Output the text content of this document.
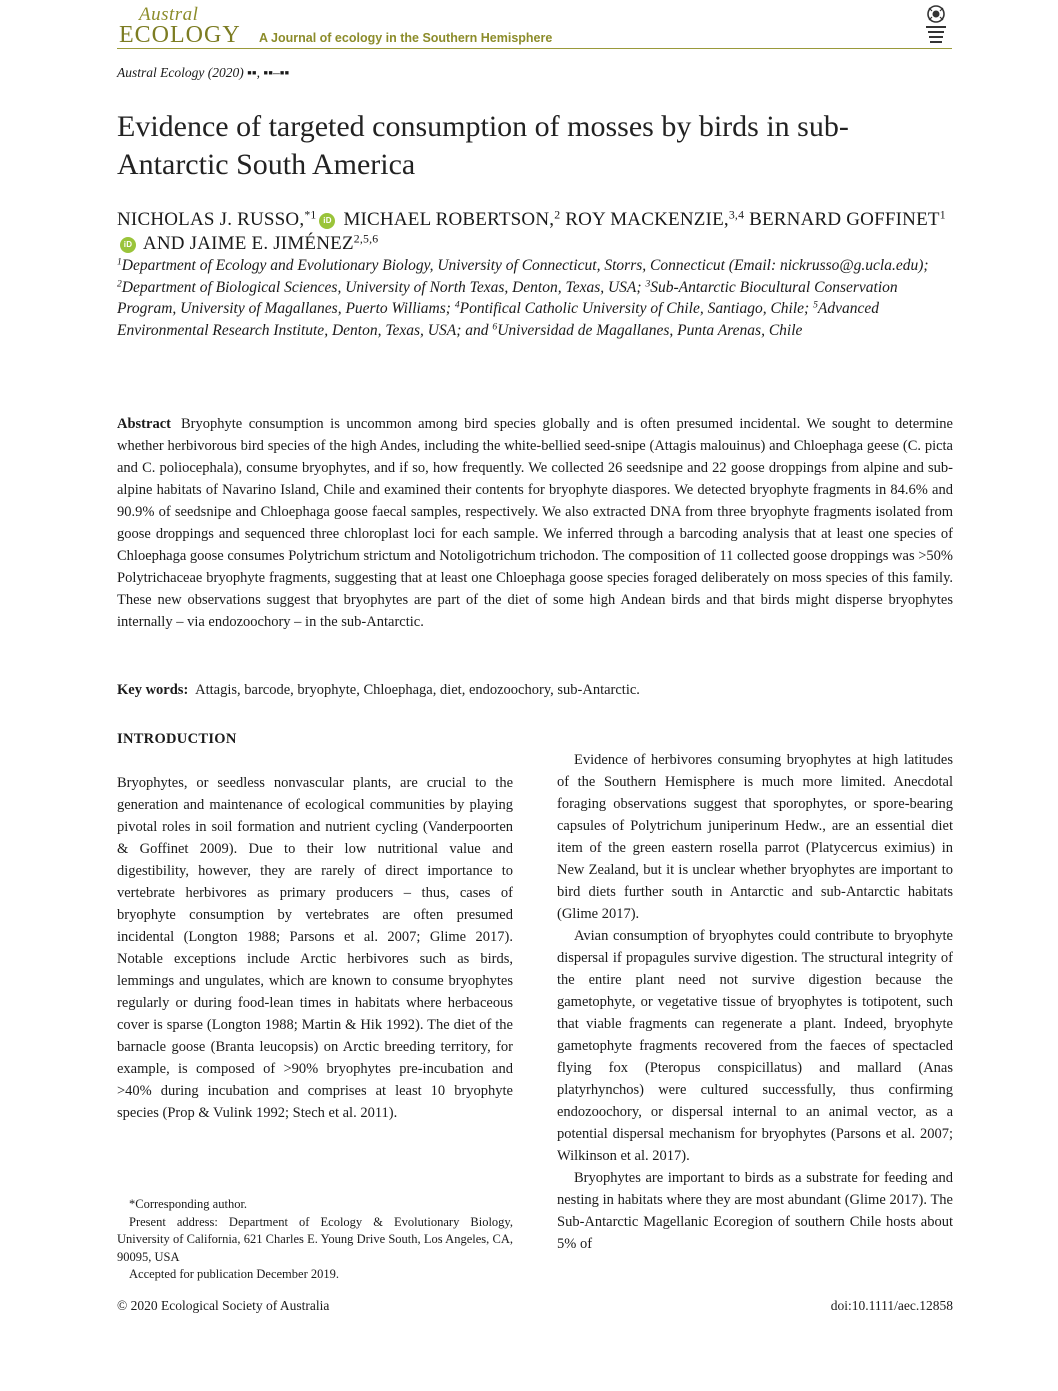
Austral
ECOLOGY A Journal of ecology in the Southern Hemisphere
Austral Ecology (2020) ▪▪, ▪▪–▪▪
Evidence of targeted consumption of mosses by birds in sub-Antarctic South America
NICHOLAS J. RUSSO,$^{*1}$ iD MICHAEL ROBERTSON,$^2$ ROY MACKENZIE,$^{3,4}$ BERNARD GOFFINET$^1$iD AND JAIME E. JIMÉNEZ$^{2,5,6}$
$^1$Department of Ecology and Evolutionary Biology, University of Connecticut, Storrs, Connecticut (Email: nickrusso@g.ucla.edu); $^2$Department of Biological Sciences, University of North Texas, Denton, Texas, USA; $^3$Sub-Antarctic Biocultural Conservation Program, University of Magallanes, Puerto Williams; $^4$Pontifical Catholic University of Chile, Santiago, Chile; $^5$Advanced Environmental Research Institute, Denton, Texas, USA; and $^6$Universidad de Magallanes, Punta Arenas, Chile
Abstract Bryophyte consumption is uncommon among bird species globally and is often presumed incidental. We sought to determine whether herbivorous bird species of the high Andes, including the white-bellied seed-snipe (Attagis malouinus) and Chloephaga geese (C. picta and C. poliocephala), consume bryophytes, and if so, how frequently. We collected 26 seedsnipe and 22 goose droppings from alpine and sub-alpine habitats of Navarino Island, Chile and examined their contents for bryophyte diaspores. We detected bryophyte fragments in 84.6% and 90.9% of seedsnipe and Chloephaga goose faecal samples, respectively. We also extracted DNA from three bryophyte fragments isolated from goose droppings and sequenced three chloroplast loci for each sample. We inferred through a barcoding analysis that at least one species of Chloephaga goose consumes Polytrichum strictum and Notoligotrichum trichodon. The composition of 11 collected goose droppings was >50% Polytrichaceae bryophyte fragments, suggesting that at least one Chloephaga goose species foraged deliberately on moss species of this family. These new observations suggest that bryophytes are part of the diet of some high Andean birds and that birds might disperse bryophytes internally – via endozoochory – in the sub-Antarctic.
Key words: Attagis, barcode, bryophyte, Chloephaga, diet, endozoochory, sub-Antarctic.
INTRODUCTION

Bryophytes, or seedless nonvascular plants, are crucial to the generation and maintenance of ecological communities by playing pivotal roles in soil formation and nutrient cycling (Vanderpoorten & Goffinet 2009). Due to their low nutritional value and digestibility, however, they are rarely of direct importance to vertebrate herbivores as primary producers – thus, cases of bryophyte consumption by vertebrates are often presumed incidental (Longton 1988; Parsons et al. 2007; Glime 2017). Notable exceptions include Arctic herbivores such as birds, lemmings and ungulates, which are known to consume bryophytes regularly or during food-lean times in habitats where herbaceous cover is sparse (Longton 1988; Martin & Hik 1992). The diet of the barnacle goose (Branta leucopsis) on Arctic breeding territory, for example, is composed of >90% bryophytes pre-incubation and >40% during incubation and comprises at least 10 bryophyte species (Prop & Vulink 1992; Stech et al. 2011).

Evidence of herbivores consuming bryophytes at high latitudes of the Southern Hemisphere is much more limited. Anecdotal foraging observations suggest that sporophytes, or spore-bearing capsules of Polytrichum juniperinum Hedw., are an essential diet item of the green eastern rosella parrot (Platycercus eximius) in New Zealand, but it is unclear whether bryophytes are important to bird diets further south in Antarctic and sub-Antarctic habitats (Glime 2017).

Avian consumption of bryophytes could contribute to bryophyte dispersal if propagules survive digestion. The structural integrity of the entire plant need not survive digestion because the gametophyte, or vegetative tissue of bryophytes is totipotent, such that viable fragments can regenerate a plant. Indeed, bryophyte gametophyte fragments recovered from the faeces of spectacled flying fox (Pteropus conspicillatus) and mallard (Anas platyrhynchos) were cultured successfully, thus confirming endozoochory, or dispersal internal to an animal vector, as a potential dispersal mechanism for bryophytes (Parsons et al. 2007; Wilkinson et al. 2017).

Bryophytes are important to birds as a substrate for feeding and nesting in habitats where they are most abundant (Glime 2017). The Sub-Antarctic Magellanic Ecoregion of southern Chile hosts about 5% of

*Corresponding author.

Present address: Department of Ecology & Evolutionary Biology, University of California, 621 Charles E. Young Drive South, Los Angeles, CA, 90095, USA

Accepted for publication December 2019.

© 2020 Ecological Society of Australia	doi:10.1111/aec.12858
